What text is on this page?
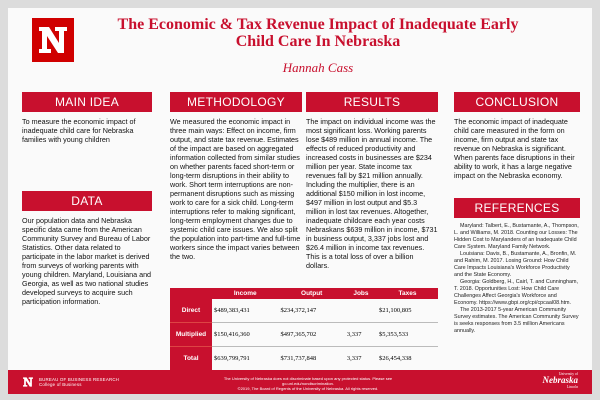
The Economic & Tax Revenue Impact of Inadequate Early Child Care In Nebraska
Hannah Cass
MAIN IDEA
To measure the economic impact of inadequate child care for Nebraska families with young children
DATA
Our population data and Nebraska specific data came from the American Community Survey and Bureau of Labor Statistics. Other data related to participate in the labor market is derived from surveys of working parents with young children. Maryland, Louisiana and Georgia, as well as two national studies developed surveys to acquire such participation information.
METHODOLOGY
We measured the economic impact in three main ways: Effect on income, firm output, and state tax revenue. Estimates of the impact are based on aggregated information collected from similar studies on whether parents faced short-term or long-term disruptions in their ability to work. Short term interruptions are non-permanent disruptions such as missing work to care for a sick child. Long-term interruptions refer to making significant, long-term employment changes due to systemic child care issues. We also split the population into part-time and full-time workers since the impact varies between the two.
RESULTS
The impact on individual income was the most significant loss. Working parents lose $489 million in annual income. The effects of reduced productivity and increased costs in businesses are $234 million per year. State income tax revenues fall by $21 million annually. Including the multiplier, there is an additional $150 million in lost income, $497 million in lost output and $5.3 million in lost tax revenues. Altogether, inadequate childcare each year costs Nebraskans $639 million in income, $731 in business output, 3,337 jobs lost and $26.4 million in income tax revenues. This is a total loss of over a billion dollars.
	Income	Output	Jobs	Taxes
Direct	$489,383,431	$234,372,147		$21,100,805
Multiplied	$150,416,360	$497,365,702	3,337	$5,353,533
Total	$639,799,791	$731,737,848	3,337	$26,454,338
CONCLUSION
The economic impact of inadequate child care measured in the form on income, firm output and state tax revenue on Nebraska is significant. When parents face disruptions in their ability to work, it has a large negative impact on the Nebraska economy.
REFERENCES
Maryland: Talbert, E., Bustamante, A., Thompson, L. and Williams, M. 2018. Counting our Losses: The Hidden Cost to Marylanders of an Inadequate Child Care System. Maryland Family Network.
Louisiana: Davis, B., Bustamante, A., Bronfin, M. and Rahim, M. 2017. Losing Ground: How Child Care Impacts Louisiana's Workforce Productivity and the State Economy.
Georgia: Goldberg, H., Cairl, T. and Cunningham, T. 2018. Opportunities Lost: How Child Care Challenges Affect Georgia's Workforce and Economy. https://www.gbpi.org/cpi/cpcaal08.htm.
The 2013-2017 5-year American Community Survey estimates. The American Community Survey is seeks responses from 3.5 million Americans annually.
BUREAU OF BUSINESS RESEARCH
College of Business
The University of Nebraska does not discriminate based upon any protected status. Please see go.unl.edu/nondiscrimination.
©2019, The Board of Regents of the University of Nebraska. All rights reserved.
University of
Nebraska
Lincoln
